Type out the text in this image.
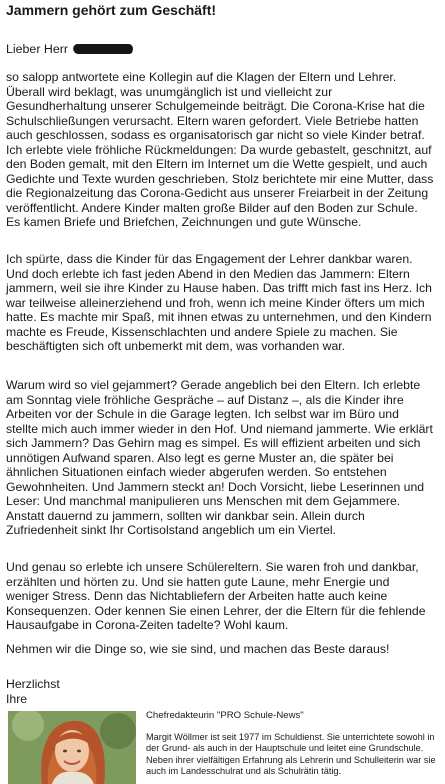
Jammern gehört zum Geschäft!
Lieber Herr

so salopp antwortete eine Kollegin auf die Klagen der Eltern und Lehrer. Überall wird beklagt, was unumgänglich ist und vielleicht zur Gesundherhaltung unserer Schulgemeinde beiträgt. Die Corona-Krise hat die Schulschließungen verursacht. Eltern waren gefordert. Viele Betriebe hatten auch geschlossen, sodass es organisatorisch gar nicht so viele Kinder betraf. Ich erlebte viele fröhliche Rückmeldungen: Da wurde gebastelt, geschnitzt, auf den Boden gemalt, mit den Eltern im Internet um die Wette gespielt, und auch Gedichte und Texte wurden geschrieben. Stolz berichtete mir eine Mutter, dass die Regionalzeitung das Corona-Gedicht aus unserer Freiarbeit in der Zeitung veröffentlicht. Andere Kinder malten große Bilder auf den Boden zur Schule. Es kamen Briefe und Briefchen, Zeichnungen und gute Wünsche.

Ich spürte, dass die Kinder für das Engagement der Lehrer dankbar waren. Und doch erlebte ich fast jeden Abend in den Medien das Jammern: Eltern jammern, weil sie ihre Kinder zu Hause haben. Das trifft mich fast ins Herz. Ich war teilweise alleinerziehend und froh, wenn ich meine Kinder öfters um mich hatte. Es machte mir Spaß, mit ihnen etwas zu unternehmen, und den Kindern machte es Freude, Kissenschlachten und andere Spiele zu machen. Sie beschäftigten sich oft unbemerkt mit dem, was vorhanden war.

Warum wird so viel gejammert? Gerade angeblich bei den Eltern. Ich erlebte am Sonntag viele fröhliche Gespräche – auf Distanz –, als die Kinder ihre Arbeiten vor der Schule in die Garage legten. Ich selbst war im Büro und stellte mich auch immer wieder in den Hof. Und niemand jammerte. Wie erklärt sich Jammern? Das Gehirn mag es simpel. Es will effizient arbeiten und sich unnötigen Aufwand sparen. Also legt es gerne Muster an, die später bei ähnlichen Situationen einfach wieder abgerufen werden. So entstehen Gewohnheiten. Und Jammern steckt an! Doch Vorsicht, liebe Leserinnen und Leser: Und manchmal manipulieren uns Menschen mit dem Gejammere. Anstatt dauernd zu jammern, sollten wir dankbar sein. Allein durch Zufriedenheit sinkt Ihr Cortisolstand angeblich um ein Viertel.

Und genau so erlebte ich unsere Schülereltern. Sie waren froh und dankbar, erzählten und hörten zu. Und sie hatten gute Laune, mehr Energie und weniger Stress. Denn das Nichtabliefern der Arbeiten hatte auch keine Konsequenzen. Oder kennen Sie einen Lehrer, der die Eltern für die fehlende Hausaufgabe in Corona-Zeiten tadelte? Wohl kaum.

Nehmen wir die Dinge so, wie sie sind, und machen das Beste daraus!

Herzlichst
Ihre
Chefredakteurin "PRO Schule-News"

Margit Wöllmer ist seit 1977 im Schuldienst. Sie unterrichtete sowohl in der Grund- als auch in der Hauptschule und leitet eine Grundschule. Neben ihrer vielfältigen Erfahrung als Lehrerin und Schulleiterin war sie auch im Landesschulrat und als Schulrätin tätig.
